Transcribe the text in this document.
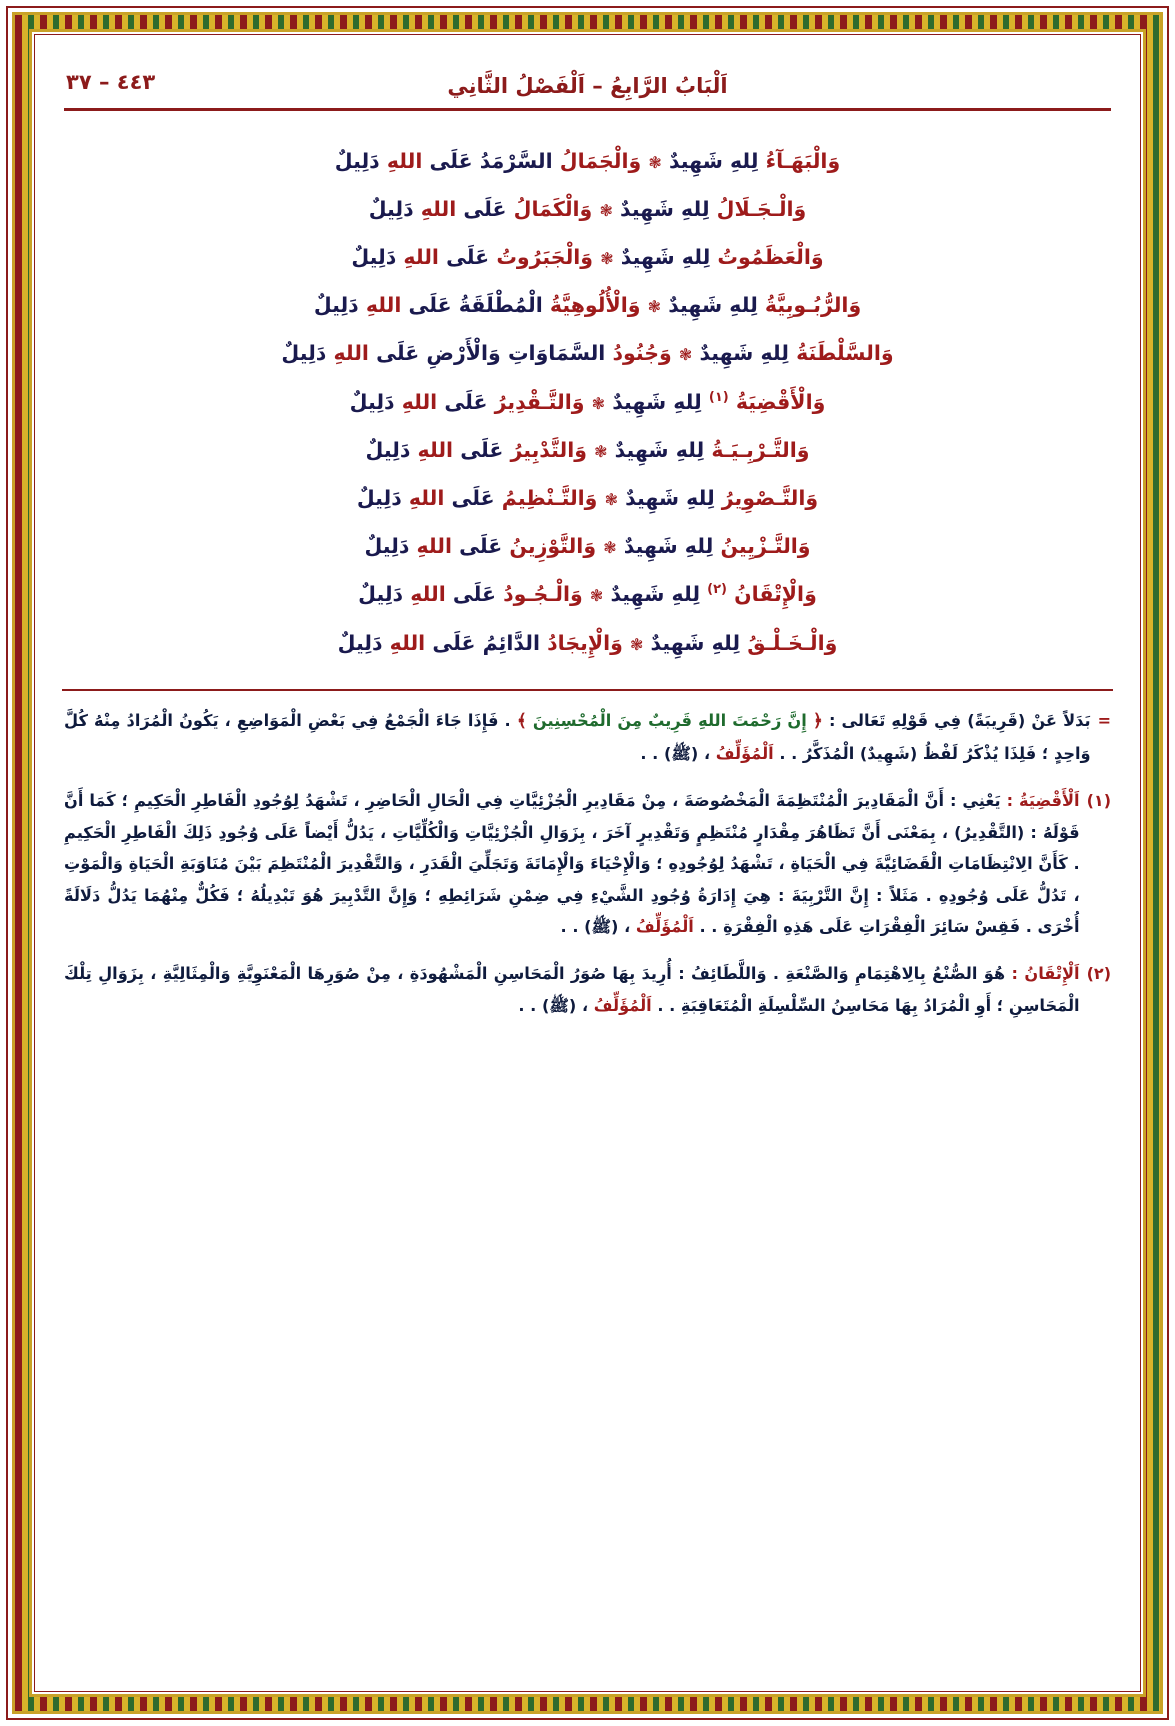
اَلْبَابُ الرَّابِعُ – اَلْفَصْلُ الثَّانِي
٤٤٣ – ٣٧
وَالْبَهَـآءُ لِلهِ شَهِيدٌ ❃ وَالْجَمَالُ السَّرْمَدُ عَلَى اللهِ دَلِيلٌ
وَالْـجَـلَالُ لِلهِ شَهِيدٌ ❃ وَالْكَمَالُ عَلَى اللهِ دَلِيلٌ
وَالْعَظَمُوتُ لِلهِ شَهِيدٌ ❃ وَالْجَبَرُوتُ عَلَى اللهِ دَلِيلٌ
وَالرُّبُـوبِيَّةُ لِلهِ شَهِيدٌ ❃ وَالْأُلُوهِيَّةُ الْمُطْلَقَةُ عَلَى اللهِ دَلِيلٌ
وَالسَّلْطَنَةُ لِلهِ شَهِيدٌ ❃ وَجُنُودُ السَّمَاوَاتِ وَالْأَرْضِ عَلَى اللهِ دَلِيلٌ
وَالْأَقْضِيَةُ $^{(١)}$ لِلهِ شَهِيدٌ ❃ وَالتَّـقْدِيرُ عَلَى اللهِ دَلِيلٌ
وَالتَّـرْبِـيَـةُ لِلهِ شَهِيدٌ ❃ وَالتَّدْبِيرُ عَلَى اللهِ دَلِيلٌ
وَالتَّـصْوِيرُ لِلهِ شَهِيدٌ ❃ وَالتَّـنْظِيمُ عَلَى اللهِ دَلِيلٌ
وَالتَّـزْيِينُ لِلهِ شَهِيدٌ ❃ وَالتَّوْزِينُ عَلَى اللهِ دَلِيلٌ
وَالْإِتْقَانُ $^{(٢)}$ لِلهِ شَهِيدٌ ❃ وَالْـجُـودُ عَلَى اللهِ دَلِيلٌ
وَالْـخَـلْـقُ لِلهِ شَهِيدٌ ❃ وَالْإِيجَادُ الدَّائِمُ عَلَى اللهِ دَلِيلٌ
=
بَدَلاً عَنْ (قَرِيبَةً) فِي قَوْلِهِ تَعَالى : ﴿ إِنَّ رَحْمَتَ اللهِ قَرِيبٌ مِنَ الْمُحْسِنِينَ ﴾ . فَإِذَا جَاءَ الْجَمْعُ فِي بَعْضِ الْمَوَاضِعِ ، يَكُونُ الْمُرَادُ مِنْهُ كُلَّ وَاحِدٍ ؛ فَلِذَا يُذْكَرُ لَفْظُ (شَهِيدٌ) الْمُذَكَّرُ . . اَلْمُؤَلِّفُ ، (ﷺ) . .
(١)
اَلْأَقْضِيَةُ : يَعْنِي : أَنَّ الْمَقَادِيرَ الْمُنْتَظِمَةَ الْمَخْصُوصَةَ ، مِنْ مَقَادِيرِ الْجُزْئِيَّاتِ فِي الْحَالِ الْحَاضِرِ ، تَشْهَدُ لِوُجُودِ الْفَاطِرِ الْحَكِيمِ ؛ كَمَا أَنَّ قَوْلَهُ : (التَّقْدِيرُ) ، بِمَعْنَى أَنَّ تَظَاهُرَ مِقْدَارٍ مُنْتَظِمٍ وَتَقْدِيرٍ آخَرَ ، بِزَوَالِ الْجُزْئِيَّاتِ وَالْكُلِّيَّاتِ ، يَدُلُّ أَيْضاً عَلَى وُجُودِ ذَلِكَ الْفَاطِرِ الْحَكِيمِ . كَأَنَّ الِانْتِظَامَاتِ الْقَضَائِيَّةَ فِي الْحَيَاةِ ، تَشْهَدُ لِوُجُودِهِ ؛ وَالْإِحْيَاءَ وَالْإِمَاتَةَ وَتَجَلِّيَ الْقَدَرِ ، وَالتَّقْدِيرَ الْمُنْتَظِمَ بَيْنَ مُنَاوَبَةِ الْحَيَاةِ وَالْمَوْتِ ، تَدُلُّ عَلَى وُجُودِهِ . مَثَلاً : إِنَّ التَّرْبِيَةَ : هِيَ إِدَارَةُ وُجُودِ الشَّيْءِ فِي ضِمْنِ شَرَائِطِهِ ؛ وَإِنَّ التَّدْبِيرَ هُوَ تَبْدِيلُهُ ؛ فَكُلٌّ مِنْهُمَا يَدُلُّ دَلَالَةً أُخْرَى . فَقِسْ سَائِرَ الْفِقْرَاتِ عَلَى هَذِهِ الْفِقْرَةِ . . اَلْمُؤَلِّفُ ، (ﷺ) . .
(٢)
اَلْإِتْقَانُ : هُوَ الصُّنْعُ بِالِاهْتِمَامِ وَالصَّنْعَةِ . وَاللَّطَائِفُ : أُرِيدَ بِهَا صُوَرُ الْمَحَاسِنِ الْمَشْهُودَةِ ، مِنْ صُوَرِهَا الْمَعْنَوِيَّةِ وَالْمِثَالِيَّةِ ، بِزَوَالِ تِلْكَ الْمَحَاسِنِ ؛ أَوِ الْمُرَادُ بِهَا مَحَاسِنُ السِّلْسِلَةِ الْمُتَعَاقِبَةِ . . اَلْمُؤَلِّفُ ، (ﷺ) . .
